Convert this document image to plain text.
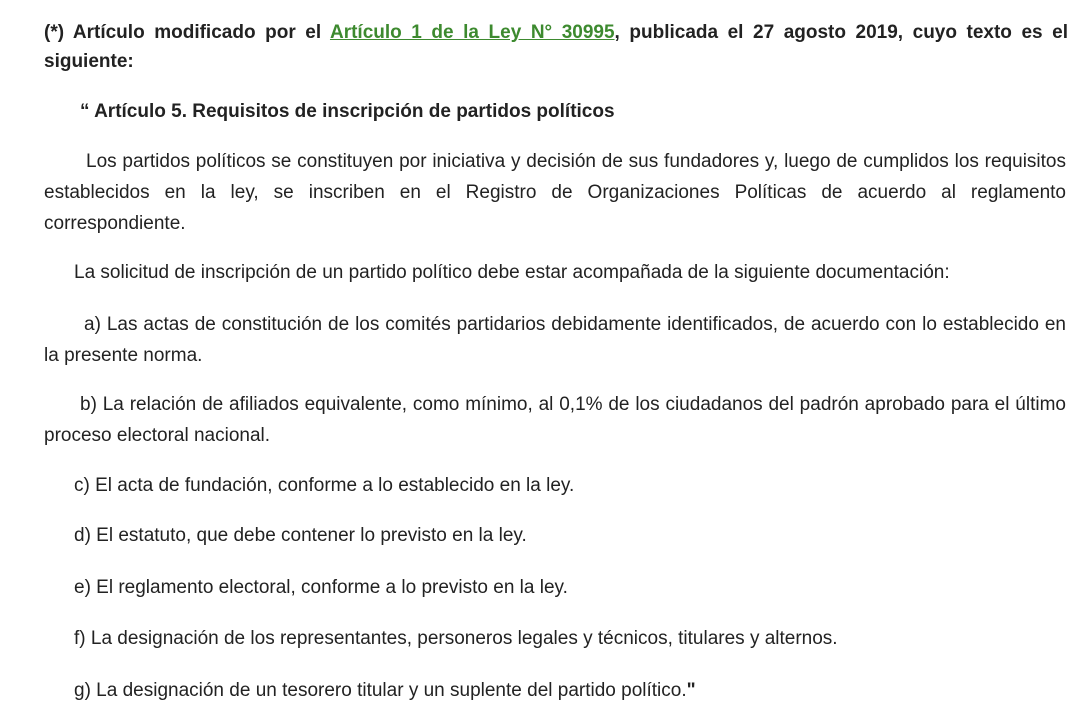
(*) Artículo modificado por el Artículo 1 de la Ley N° 30995, publicada el 27 agosto 2019, cuyo texto es el siguiente:
“ Artículo 5. Requisitos de inscripción de partidos políticos
Los partidos políticos se constituyen por iniciativa y decisión de sus fundadores y, luego de cumplidos los requisitos establecidos en la ley, se inscriben en el Registro de Organizaciones Políticas de acuerdo al reglamento correspondiente.
La solicitud de inscripción de un partido político debe estar acompañada de la siguiente documentación:
a) Las actas de constitución de los comités partidarios debidamente identificados, de acuerdo con lo establecido en la presente norma.
b) La relación de afiliados equivalente, como mínimo, al 0,1% de los ciudadanos del padrón aprobado para el último proceso electoral nacional.
c) El acta de fundación, conforme a lo establecido en la ley.
d) El estatuto, que debe contener lo previsto en la ley.
e) El reglamento electoral, conforme a lo previsto en la ley.
f) La designación de los representantes, personeros legales y técnicos, titulares y alternos.
g) La designación de un tesorero titular y un suplente del partido político."
